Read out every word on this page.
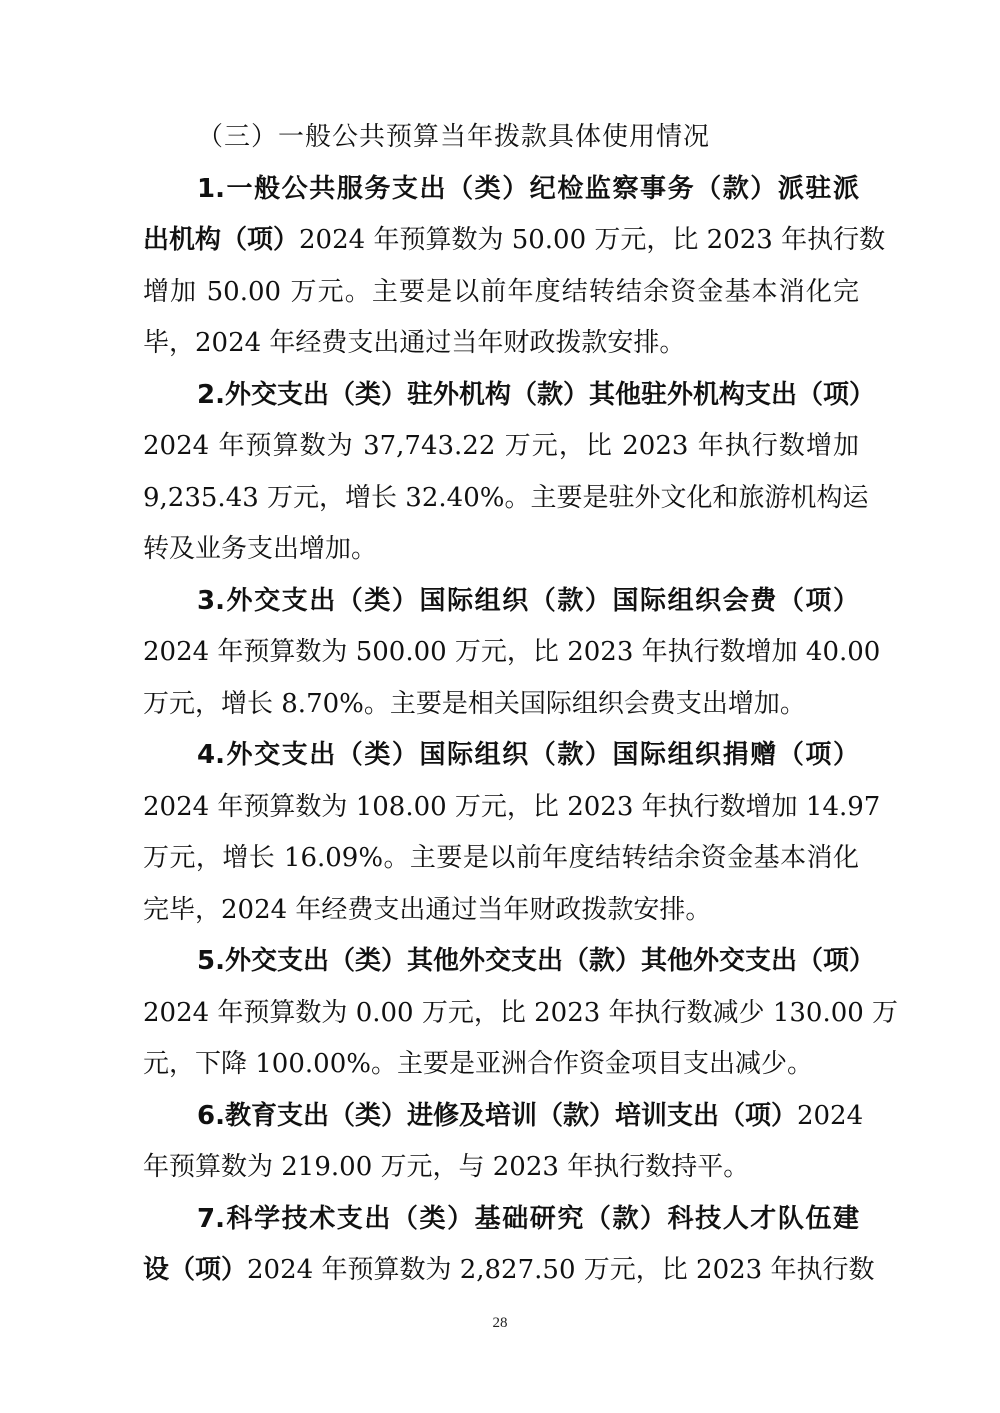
（三）一般公共预算当年拨款具体使用情况
1.一般公共服务支出（类）纪检监察事务（款）派驻派
出机构（项）2024 年预算数为 50.00 万元，比 2023 年执行数
增加 50.00 万元。主要是以前年度结转结余资金基本消化完
毕，2024 年经费支出通过当年财政拨款安排。
2.外交支出（类）驻外机构（款）其他驻外机构支出（项）
2024 年预算数为 37,743.22 万元，比 2023 年执行数增加
9,235.43 万元，增长 32.40%。主要是驻外文化和旅游机构运
转及业务支出增加。
3.外交支出（类）国际组织（款）国际组织会费（项）
2024 年预算数为 500.00 万元，比 2023 年执行数增加 40.00
万元，增长 8.70%。主要是相关国际组织会费支出增加。
4.外交支出（类）国际组织（款）国际组织捐赠（项）
2024 年预算数为 108.00 万元，比 2023 年执行数增加 14.97
万元，增长 16.09%。主要是以前年度结转结余资金基本消化
完毕，2024 年经费支出通过当年财政拨款安排。
5.外交支出（类）其他外交支出（款）其他外交支出（项）
2024 年预算数为 0.00 万元，比 2023 年执行数减少 130.00 万
元，下降 100.00%。主要是亚洲合作资金项目支出减少。
6.教育支出（类）进修及培训（款）培训支出（项）2024
年预算数为 219.00 万元，与 2023 年执行数持平。
7.科学技术支出（类）基础研究（款）科技人才队伍建
设（项）2024 年预算数为 2,827.50 万元，比 2023 年执行数
28
